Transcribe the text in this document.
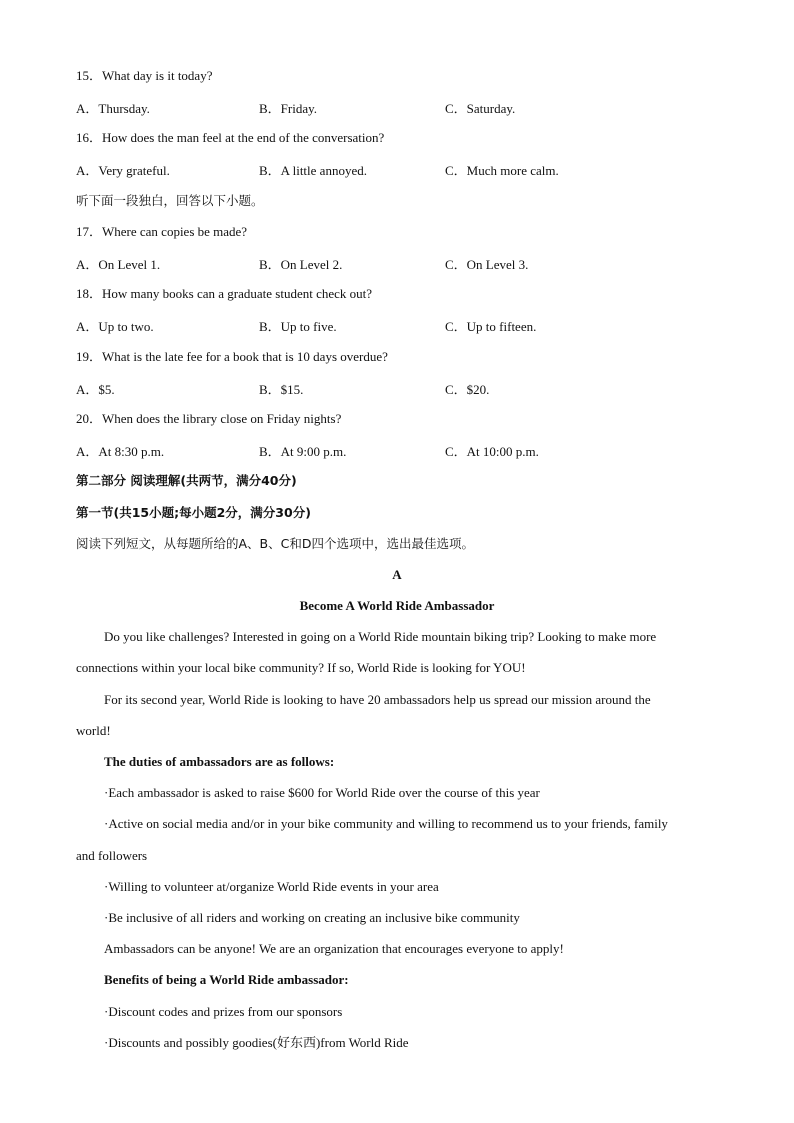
15．What day is it today?
A．Thursday.	B．Friday.	C．Saturday.
16．How does the man feel at the end of the conversation?
A．Very grateful.	B．A little annoyed.	C．Much more calm.
听下面一段独白，回答以下小题。
17．Where can copies be made?
A．On Level 1.	B．On Level 2.	C．On Level 3.
18．How many books can a graduate student check out?
A．Up to two.	B．Up to five.	C．Up to fifteen.
19．What is the late fee for a book that is 10 days overdue?
A．$5.	B．$15.	C．$20.
20．When does the library close on Friday nights?
A．At 8:30 p.m.	B．At 9:00 p.m.	C．At 10:00 p.m.
第二部分 阅读理解(共两节，满分40分)
第一节(共15小题;每小题2分，满分30分)
阅读下列短文，从每题所给的A、B、C和D四个选项中，选出最佳选项。
A
Become A World Ride Ambassador
Do you like challenges? Interested in going on a World Ride mountain biking trip? Looking to make more
connections within your local bike community? If so, World Ride is looking for YOU!
For its second year, World Ride is looking to have 20 ambassadors help us spread our mission around the
world!
The duties of ambassadors are as follows:
·Each ambassador is asked to raise $600 for World Ride over the course of this year
·Active on social media and/or in your bike community and willing to recommend us to your friends, family
and followers
·Willing to volunteer at/organize World Ride events in your area
·Be inclusive of all riders and working on creating an inclusive bike community
Ambassadors can be anyone! We are an organization that encourages everyone to apply!
Benefits of being a World Ride ambassador:
·Discount codes and prizes from our sponsors
·Discounts and possibly goodies(好东西)from World Ride
